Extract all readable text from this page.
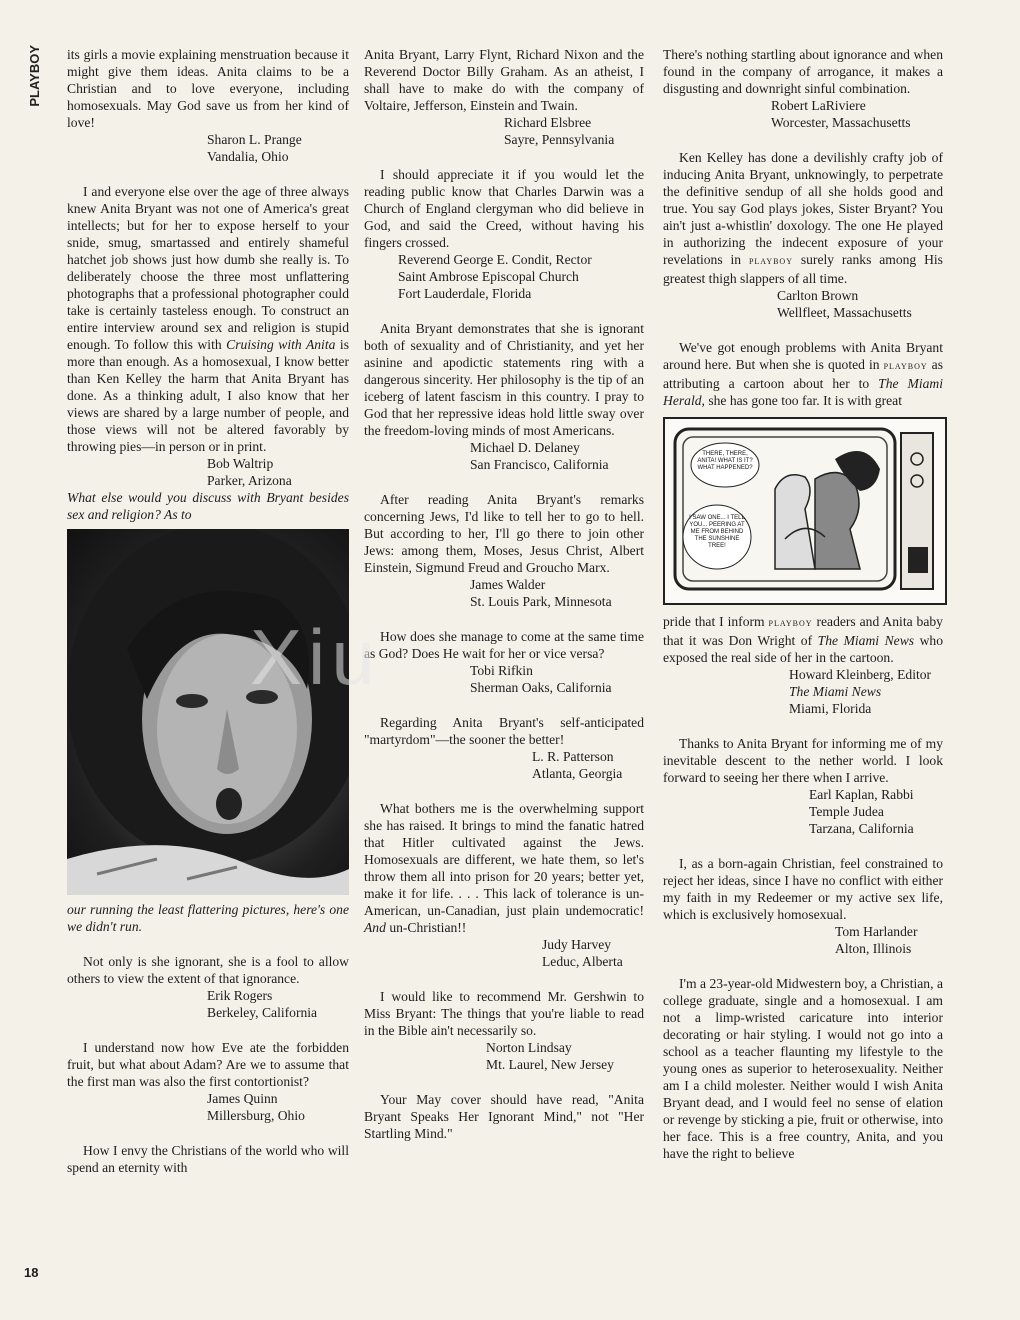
PLAYBOY
18

its girls a movie explaining menstruation because it might give them ideas. Anita claims to be a Christian and to love everyone, including homosexuals. May God save us from her kind of love!

Sharon L. Prange
Vandalia, Ohio

I and everyone else over the age of three always knew Anita Bryant was not one of America's great intellects; but for her to expose herself to your snide, smug, smartassed and entirely shameful hatchet job shows just how dumb she really is. To deliberately choose the three most unflattering photographs that a professional photographer could take is certainly tasteless enough. To construct an entire interview around sex and religion is stupid enough. To follow this with Cruising with Anita is more than enough. As a homosexual, I know better than Ken Kelley the harm that Anita Bryant has done. As a thinking adult, I also know that her views are shared by a large number of people, and those views will not be altered favorably by throwing pies—in person or in print.

Bob Waltrip
Parker, Arizona

What else would you discuss with Bryant besides sex and religion? As to

our running the least flattering pictures, here's one we didn't run.

Not only is she ignorant, she is a fool to allow others to view the extent of that ignorance.

Erik Rogers
Berkeley, California

I understand now how Eve ate the forbidden fruit, but what about Adam? Are we to assume that the first man was also the first contortionist?

James Quinn
Millersburg, Ohio

How I envy the Christians of the world who will spend an eternity with

Anita Bryant, Larry Flynt, Richard Nixon and the Reverend Doctor Billy Graham. As an atheist, I shall have to make do with the company of Voltaire, Jefferson, Einstein and Twain.

Richard Elsbree
Sayre, Pennsylvania

I should appreciate it if you would let the reading public know that Charles Darwin was a Church of England clergyman who did believe in God, and said the Creed, without having his fingers crossed.

Reverend George E. Condit, Rector
Saint Ambrose Episcopal Church
Fort Lauderdale, Florida

Anita Bryant demonstrates that she is ignorant both of sexuality and of Christianity, and yet her asinine and apodictic statements ring with a dangerous sincerity. Her philosophy is the tip of an iceberg of latent fascism in this country. I pray to God that her repressive ideas hold little sway over the freedom-loving minds of most Americans.

Michael D. Delaney
San Francisco, California

After reading Anita Bryant's remarks concerning Jews, I'd like to tell her to go to hell. But according to her, I'll go there to join other Jews: among them, Moses, Jesus Christ, Albert Einstein, Sigmund Freud and Groucho Marx.

James Walder
St. Louis Park, Minnesota

How does she manage to come at the same time as God? Does He wait for her or vice versa?

Tobi Rifkin
Sherman Oaks, California

Regarding Anita Bryant's self-anticipated "martyrdom"—the sooner the better!

L. R. Patterson
Atlanta, Georgia

What bothers me is the overwhelming support she has raised. It brings to mind the fanatic hatred that Hitler cultivated against the Jews. Homosexuals are different, we hate them, so let's throw them all into prison for 20 years; better yet, make it for life. . . . This lack of tolerance is un-American, un-Canadian, just plain undemocratic! And un-Christian!!

Judy Harvey
Leduc, Alberta

I would like to recommend Mr. Gershwin to Miss Bryant: The things that you're liable to read in the Bible ain't necessarily so.

Norton Lindsay
Mt. Laurel, New Jersey

Your May cover should have read, "Anita Bryant Speaks Her Ignorant Mind," not "Her Startling Mind."

There's nothing startling about ignorance and when found in the company of arrogance, it makes a disgusting and downright sinful combination.

Robert LaRiviere
Worcester, Massachusetts

Ken Kelley has done a devilishly crafty job of inducing Anita Bryant, unknowingly, to perpetrate the definitive sendup of all she holds good and true. You say God plays jokes, Sister Bryant? You ain't just a-whistlin' doxology. The one He played in authorizing the indecent exposure of your revelations in playboy surely ranks among His greatest thigh slappers of all time.

Carlton Brown
Wellfleet, Massachusetts

We've got enough problems with Anita Bryant around here. But when she is quoted in playboy as attributing a cartoon about her to The Miami Herald, she has gone too far. It is with great

THERE, THERE, ANITA! WHAT IS IT? WHAT HAPPENED?
I SAW ONE... I TELL YOU... PEERING AT ME FROM BEHIND THE SUNSHINE TREE!

pride that I inform playboy readers and Anita baby that it was Don Wright of The Miami News who exposed the real side of her in the cartoon.

Howard Kleinberg, Editor
The Miami News
Miami, Florida

Thanks to Anita Bryant for informing me of my inevitable descent to the nether world. I look forward to seeing her there when I arrive.

Earl Kaplan, Rabbi
Temple Judea
Tarzana, California

I, as a born-again Christian, feel constrained to reject her ideas, since I have no conflict with either my faith in my Redeemer or my active sex life, which is exclusively homosexual.

Tom Harlander
Alton, Illinois

I'm a 23-year-old Midwestern boy, a Christian, a college graduate, single and a homosexual. I am not a limp-wristed caricature into interior decorating or hair styling. I would not go into a school as a teacher flaunting my lifestyle to the young ones as superior to heterosexuality. Neither am I a child molester. Neither would I wish Anita Bryant dead, and I would feel no sense of elation or revenge by sticking a pie, fruit or otherwise, into her face. This is a free country, Anita, and you have the right to believe

Xiu
